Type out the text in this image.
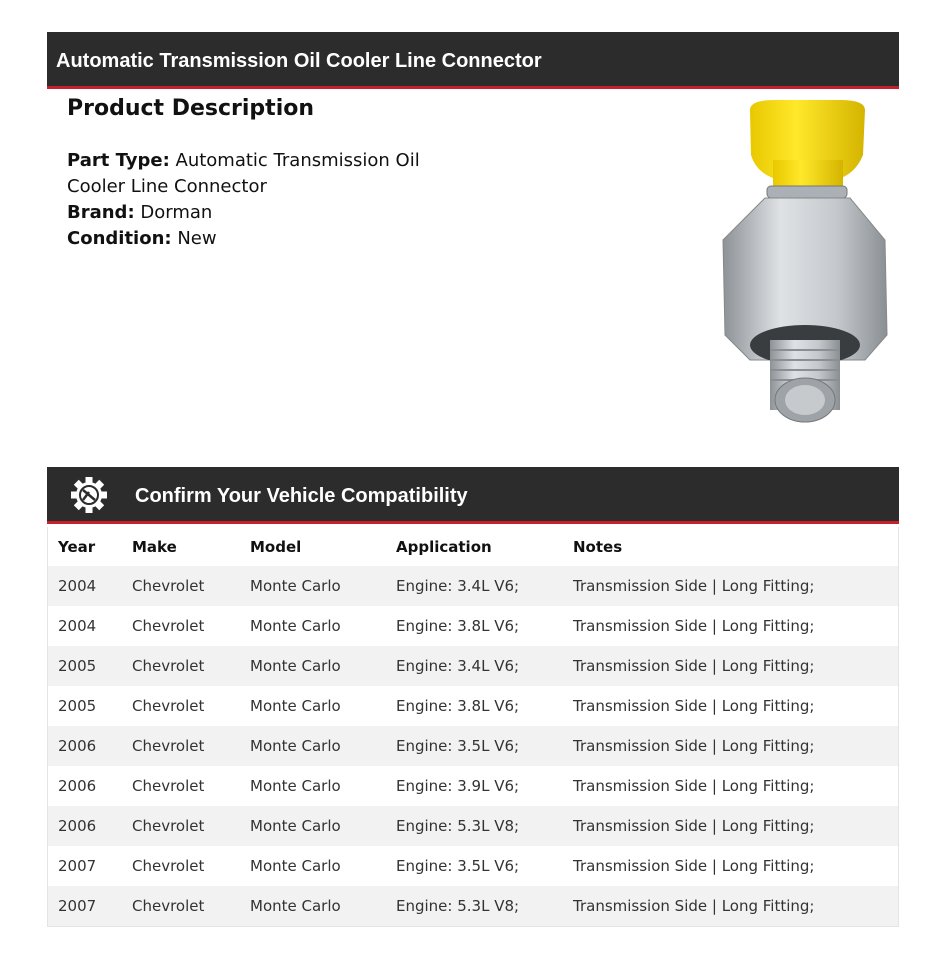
Automatic Transmission Oil Cooler Line Connector
Product Description
Part Type: Automatic Transmission Oil
Cooler Line Connector
Brand: Dorman
Condition: New
Confirm Your Vehicle Compatibility
Year	Make	Model	Application	Notes
2004	Chevrolet	Monte Carlo	Engine: 3.4L V6;	Transmission Side | Long Fitting;
2004	Chevrolet	Monte Carlo	Engine: 3.8L V6;	Transmission Side | Long Fitting;
2005	Chevrolet	Monte Carlo	Engine: 3.4L V6;	Transmission Side | Long Fitting;
2005	Chevrolet	Monte Carlo	Engine: 3.8L V6;	Transmission Side | Long Fitting;
2006	Chevrolet	Monte Carlo	Engine: 3.5L V6;	Transmission Side | Long Fitting;
2006	Chevrolet	Monte Carlo	Engine: 3.9L V6;	Transmission Side | Long Fitting;
2006	Chevrolet	Monte Carlo	Engine: 5.3L V8;	Transmission Side | Long Fitting;
2007	Chevrolet	Monte Carlo	Engine: 3.5L V6;	Transmission Side | Long Fitting;
2007	Chevrolet	Monte Carlo	Engine: 5.3L V8;	Transmission Side | Long Fitting;
